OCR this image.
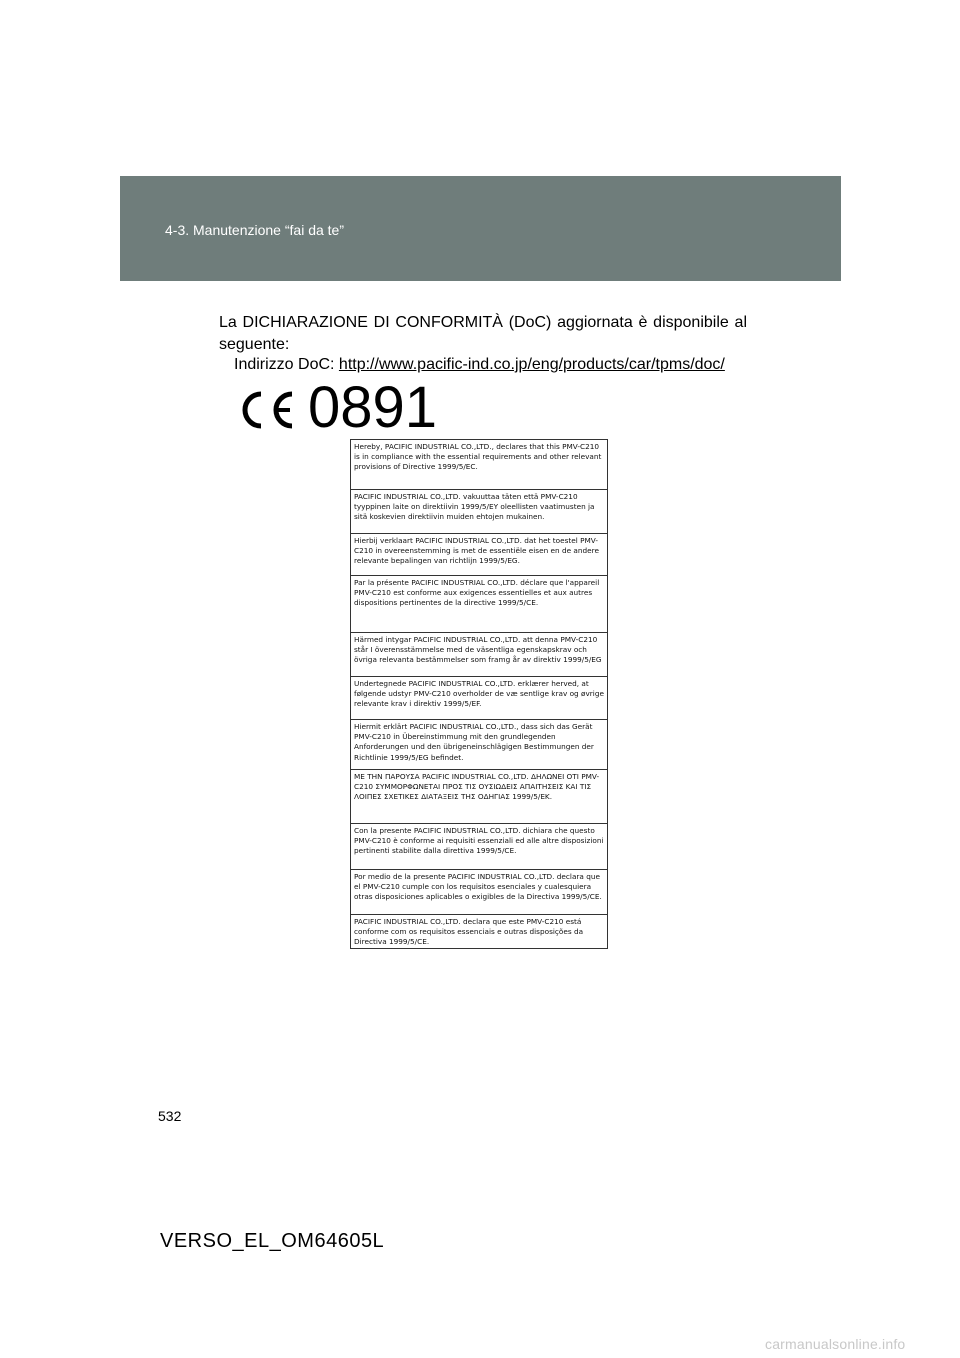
4-3. Manutenzione “fai da te”

La DICHIARAZIONE DI CONFORMITÀ (DoC) aggiornata è disponibile al seguente:

Indirizzo DoC: http://www.pacific-ind.co.jp/eng/products/car/tpms/doc/
0891
Hereby, PACIFIC INDUSTRIAL CO.,LTD., declares that this PMV-C210 is in compliance with the essential requirements and other relevant provisions of Directive 1999/5/EC.
PACIFIC INDUSTRIAL CO.,LTD. vakuuttaa täten että PMV-C210 tyyppinen laite on direktiivin 1999/5/EY oleellisten vaatimusten ja sitä koskevien direktiivin muiden ehtojen mukainen.
Hierbij verklaart PACIFIC INDUSTRIAL CO.,LTD. dat het toestel PMV-C210 in overeenstemming is met de essentiële eisen en de andere relevante bepalingen van richtlijn 1999/5/EG.
Par la présente PACIFIC INDUSTRIAL CO.,LTD. déclare que l'appareil PMV-C210 est conforme aux exigences essentielles et aux autres dispositions pertinentes de la directive 1999/5/CE.
Härmed intygar PACIFIC INDUSTRIAL CO.,LTD. att denna PMV-C210 står I överensstämmelse med de väsentliga egenskapskrav och övriga relevanta bestämmelser som framg år av direktiv 1999/5/EG
Undertegnede PACIFIC INDUSTRIAL CO.,LTD. erklærer herved, at følgende udstyr PMV-C210 overholder de væ sentlige krav og øvrige relevante krav i direktiv 1999/5/EF.
Hiermit erklärt PACIFIC INDUSTRIAL CO.,LTD., dass sich das Gerät PMV-C210 in Übereinstimmung mit den grundlegenden Anforderungen und den übrigeneinschlägigen Bestimmungen der Richtlinie 1999/5/EG befindet.
ΜΕ ΤΗΝ ΠΑΡΟΥΣΑ PACIFIC INDUSTRIAL CO.,LTD. ΔΗΛΩΝΕΙ ΟΤΙ PMV-C210 ΣΥΜΜΟΡΦΩΝΕΤΑΙ ΠΡΟΣ ΤΙΣ ΟΥΣΙΩΔΕΙΣ ΑΠΑΙΤΗΣΕΙΣ ΚΑΙ ΤΙΣ ΛΟΙΠΕΣ ΣΧΕΤΙΚΕΣ ΔΙΑΤΑΞΕΙΣ ΤΗΣ ΟΔΗΓΙΑΣ 1999/5/ΕΚ.
Con la presente PACIFIC INDUSTRIAL CO.,LTD. dichiara che questo PMV-C210 è conforme ai requisiti essenziali ed alle altre disposizioni pertinenti stabilite dalla direttiva 1999/5/CE.
Por medio de la presente PACIFIC INDUSTRIAL CO.,LTD. declara que el PMV-C210 cumple con los requisitos esenciales y cualesquiera otras disposiciones aplicables o exigibles de la Directiva 1999/5/CE.
PACIFIC INDUSTRIAL CO.,LTD. declara que este PMV-C210 está conforme com os requisitos essenciais e outras disposições da Directiva 1999/5/CE.
532
VERSO_EL_OM64605L
carmanualsonline.info
